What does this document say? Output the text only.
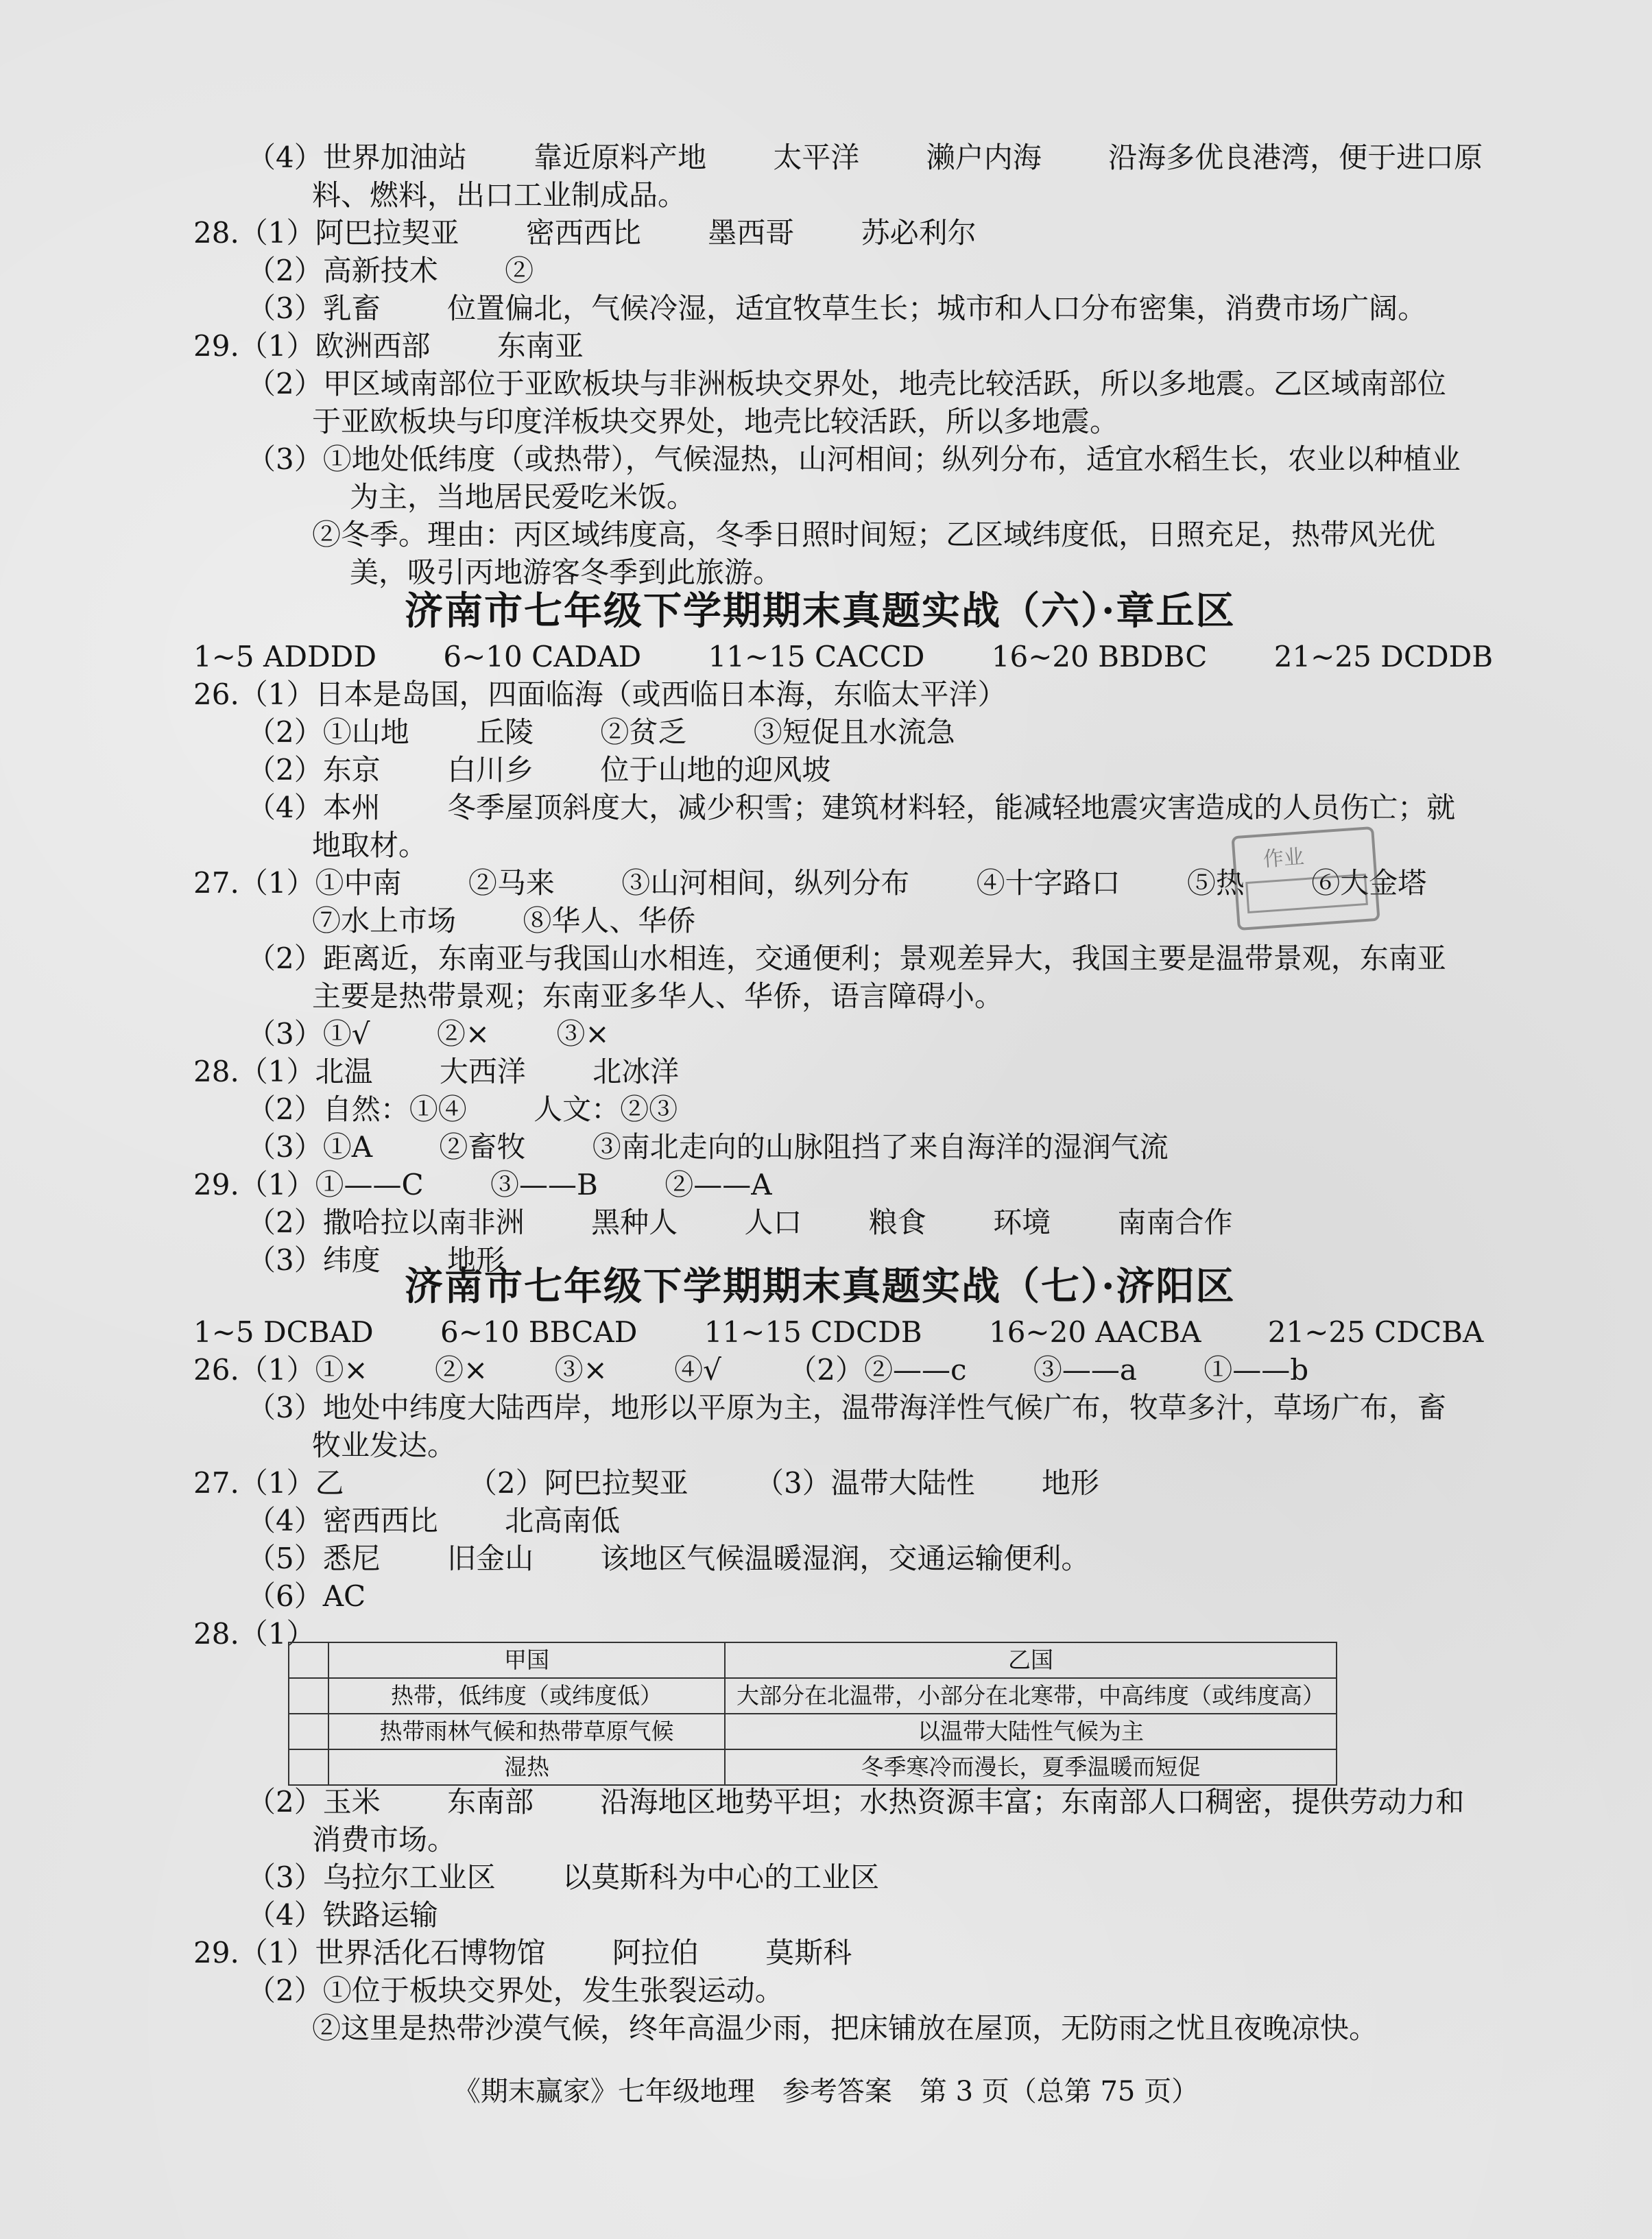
（4）世界加油站　　 靠近原料产地　　 太平洋　　 濑户内海　　 沿海多优良港湾，便于进口原
料、燃料，出口工业制成品。
28.（1）阿巴拉契亚　　 密西西比　　 墨西哥　　 苏必利尔
（2）高新技术　　 ②
（3）乳畜　　 位置偏北，气候冷湿，适宜牧草生长；城市和人口分布密集，消费市场广阔。
29.（1）欧洲西部　　 东南亚
（2）甲区域南部位于亚欧板块与非洲板块交界处，地壳比较活跃，所以多地震。乙区域南部位
于亚欧板块与印度洋板块交界处，地壳比较活跃，所以多地震。
（3）①地处低纬度（或热带），气候湿热，山河相间；纵列分布，适宜水稻生长，农业以种植业
为主，当地居民爱吃米饭。
②冬季。理由：丙区域纬度高，冬季日照时间短；乙区域纬度低，日照充足，热带风光优
美，吸引丙地游客冬季到此旅游。
1~5 ADDDD　　 6~10 CADAD　　 11~15 CACCD　　 16~20 BBDBC　　 21~25 DCDDB
26.（1）日本是岛国，四面临海（或西临日本海，东临太平洋）
（2）①山地　　 丘陵　　 ②贫乏　　 ③短促且水流急
（2）东京　　 白川乡　　 位于山地的迎风坡
（4）本州　　 冬季屋顶斜度大，减少积雪；建筑材料轻，能减轻地震灾害造成的人员伤亡；就
地取材。
27.（1）①中南　　 ②马来　　 ③山河相间，纵列分布　　 ④十字路口　　 ⑤热　　 ⑥大金塔
⑦水上市场　　 ⑧华人、华侨
（2）距离近，东南亚与我国山水相连，交通便利；景观差异大，我国主要是温带景观，东南亚
主要是热带景观；东南亚多华人、华侨，语言障碍小。
（3）①√　　 ②×　　 ③×
28.（1）北温　　 大西洋　　 北冰洋
（2）自然：①④　　 人文：②③
（3）①A　　 ②畜牧　　 ③南北走向的山脉阻挡了来自海洋的湿润气流
29.（1）①——C　　 ③——B　　 ②——A
（2）撒哈拉以南非洲　　 黑种人　　 人口　　 粮食　　 环境　　 南南合作
（3）纬度　　 地形
1~5 DCBAD　　 6~10 BBCAD　　 11~15 CDCDB　　 16~20 AACBA　　 21~25 CDCBA
26.（1）①×　　 ②×　　 ③×　　 ④√　　 （2）②——c　　 ③——a　　 ①——b
（3）地处中纬度大陆西岸，地形以平原为主，温带海洋性气候广布，牧草多汁，草场广布，畜
牧业发达。
27.（1）乙　　　　 （2）阿巴拉契亚　　 （3）温带大陆性　　 地形
（4）密西西比　　 北高南低
（5）悉尼　　 旧金山　　 该地区气候温暖湿润，交通运输便利。
（6）AC
28.（1）
（2）玉米　　 东南部　　 沿海地区地势平坦；水热资源丰富；东南部人口稠密，提供劳动力和
消费市场。
（3）乌拉尔工业区　　 以莫斯科为中心的工业区
（4）铁路运输
29.（1）世界活化石博物馆　　 阿拉伯　　 莫斯科
（2）①位于板块交界处，发生张裂运动。
②这里是热带沙漠气候，终年高温少雨，把床铺放在屋顶，无防雨之忧且夜晚凉快。
济南市七年级下学期期末真题实战（六）·章丘区
济南市七年级下学期期末真题实战（七）·济阳区
	甲国	乙国
	热带，低纬度（或纬度低）	大部分在北温带，小部分在北寒带，中高纬度（或纬度高）
	热带雨林气候和热带草原气候	以温带大陆性气候为主
	湿热	冬季寒冷而漫长，夏季温暖而短促
作业
《期末赢家》七年级地理　参考答案　第 3 页（总第 75 页）
